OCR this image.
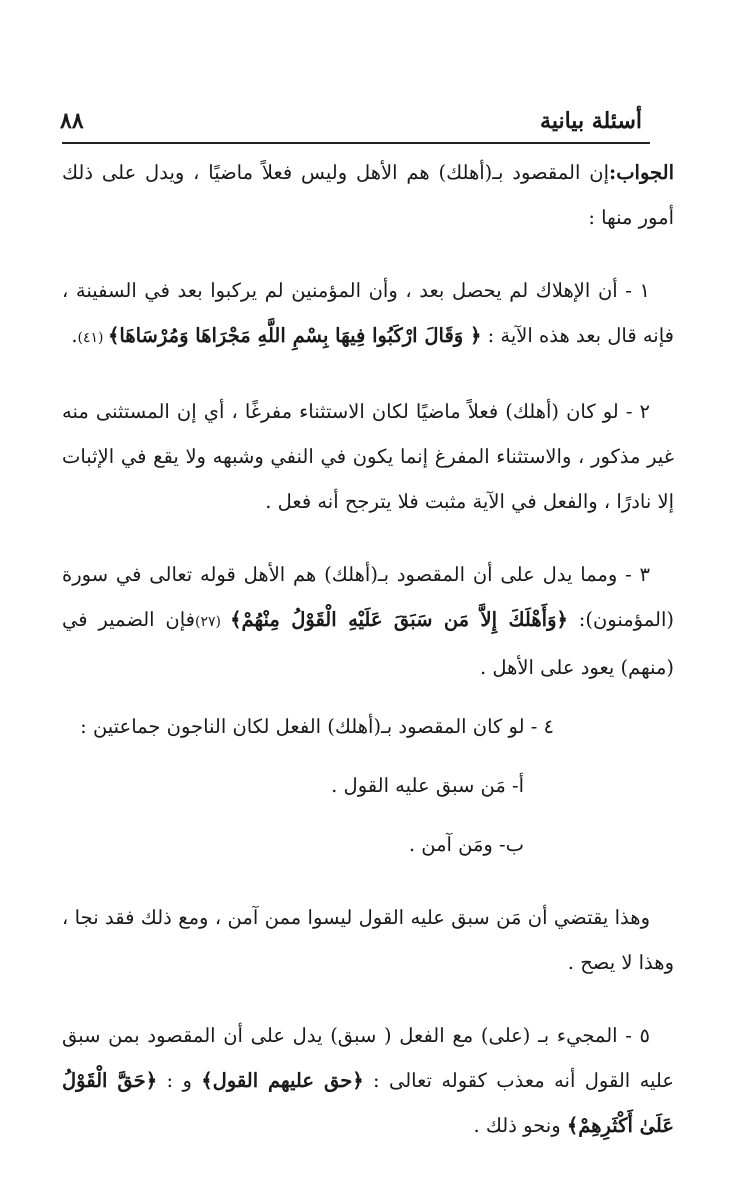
٨٨	أسئلة بيانية

الجواب:إن المقصود بـ(أهلك) هم الأهل وليس فعلاً ماضيًا ، ويدل على ذلك أمور منها :

١ - أن الإهلاك لم يحصل بعد ، وأن المؤمنين لم يركبوا بعد في السفينة ، فإنه قال بعد هذه الآية : ﴿ وَقَالَ ارْكَبُوا فِيهَا بِسْمِ اللَّهِ مَجْرَاهَا وَمُرْسَاهَا﴾ (٤١).

٢ - لو كان (أهلك) فعلاً ماضيًا لكان الاستثناء مفرغًا ، أي إن المستثنى منه غير مذكور ، والاستثناء المفرغ إنما يكون في النفي وشبهه ولا يقع في الإثبات إلا نادرًا ، والفعل في الآية مثبت فلا يترجح أنه فعل .

٣ - ومما يدل على أن المقصود بـ(أهلك) هم الأهل قوله تعالى في سورة (المؤمنون): ﴿وَأَهْلَكَ إِلاَّ مَن سَبَقَ عَلَيْهِ الْقَوْلُ مِنْهُمْ﴾ (٢٧)فإن الضمير في (منهم) يعود على الأهل .

٤ - لو كان المقصود بـ(أهلك) الفعل لكان الناجون جماعتين :

أ- مَن سبق عليه القول .

ب- ومَن آمن .

وهذا يقتضي أن مَن سبق عليه القول ليسوا ممن آمن ، ومع ذلك فقد نجا ، وهذا لا يصح .

٥ - المجيء بـ (على) مع الفعل ( سبق) يدل على أن المقصود بمن سبق عليه القول أنه معذب كقوله تعالى : ﴿حق عليهم القول﴾ و : ﴿حَقَّ الْقَوْلُ عَلَىٰ أَكْثَرِهِمْ﴾ ونحو ذلك .
